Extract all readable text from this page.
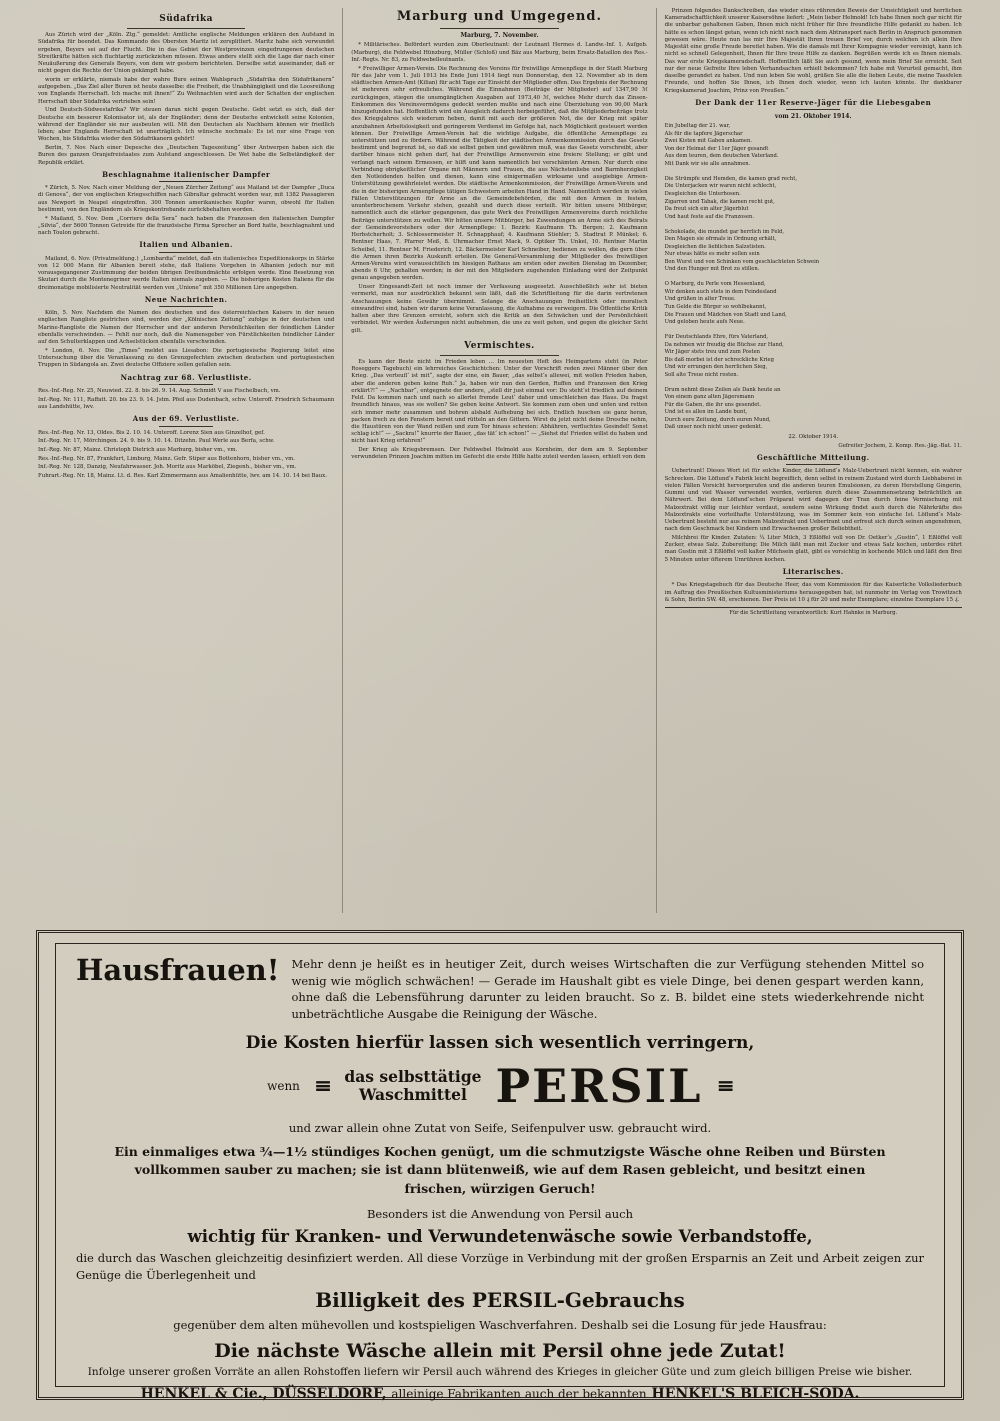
Südafrika

Aus Zürich wird der „Köln. Ztg.“ gemeldet: Amtliche englische Meldungen erklären den Aufstand in Südafrika für beendet. Das Kommando des Obersten Maritz ist zersplittert. Maritz habe sich verwundet ergeben, Beyers sei auf der Flucht. Die in das Gebiet der Westprovinzen eingedrungenen deutschen Streitkräfte hätten sich fluchtartig zurückziehen müssen. Etwas anders stellt sich die Lage dar nach einer Neuäußerung des Generals Beyers, von dem wir gestern berichteten. Derselbe setzt auseinander, daß er nicht gegen die Rechte der Union gekämpft habe.

worin er erklärte, niemals habe der wahre Bure seinen Wahlspruch „Südafrika den Südafrikanern“ aufgegeben. „Das Ziel aller Buren ist heute dasselbe: die Freiheit, die Unabhängigkeit und die Loosreißung von Englands Herrschaft. Ich mache mit ihnen!“ Zu Weihnachten wird auch der Schatten der englischen Herrschaft über Südafrika vertrieben sein!

Und Deutsch-Südwestafrika? Wir steuen daran nicht gegen Deutsche. Gebt setzt es sich, daß der Deutsche ein besserer Kolonisator ist, als der Engländer; denn der Deutsche entwickelt seine Kolonien, während der Engländer sie nur ausbeuten will. Mit den Deutschen als Nachbarn können wir friedlich leben; aber Englands Herrschaft ist unerträglich. Ich wünsche nochmals: Es ist nur eine Frage von Wochen, bis Südafrika wieder den Südafrikanern gehört!

Berlin, 7. Nov. Nach einer Depesche des „Deutschen Tageszeitung“ über Antwerpen haben sich die Buren des ganzen Oranjefreistaates zum Aufstand angeschlossen. De Wet habe die Selbständigkeit der Republik erklärt.

Beschlagnahme italienischer Dampfer

* Zürich, 5. Nov. Nach einer Meldung der „Neuen Zürcher Zeitung“ aus Mailand ist der Dampfer „Duca di Genova“, der von englischen Kriegsschiffen nach Gibraltar gebracht worden war, mit 1382 Passagieren aus Newport in Neapel eingetroffen. 300 Tonnen amerikanisches Kupfer waren, obwohl für Italien bestimmt, von den Engländern als Kriegskontrebande zurückbehalten worden.

* Mailand, 5. Nov. Dem „Corriere della Sera“ nach haben die Franzosen den italienischen Dampfer „Silvia“, der 5600 Tonnen Getreide für die französische Firma Sprecher an Bord hatte, beschlagnahmt und nach Toulon gebracht.

Italien und Albanien.

Mailand, 6. Nov. (Privatmeldung.) „Lombardia“ meldet, daß ein italienisches Expeditionskorps in Stärke von 12 000 Mann für Albanien bereit stehe, daß Italiens Vorgehen in Albanien jedoch nur mit vorausgegangener Zustimmung der beiden übrigen Dreibundmächte erfolgen werde. Eine Besetzung von Skutari durch die Montenegriner werde Italien niemals zugeben. — Die bisherigen Kosten Italiens für die dreimonatige mobilisierte Neutralität werden von „Unione“ mit 350 Millionen Lire angegeben.

Neue Nachrichten.

Köln, 5. Nov. Nachdem die Namen des deutschen und des österreichischen Kaisers in der neuen englischen Rangliste gestrichen sind, werden der „Kölnischen Zeitung“ zufolge in der deutschen und Marine-Rangliste die Namen der Herrscher und der anderen Persönlichkeiten der feindlichen Länder ebenfalls verschwinden. — Fehlt nur noch, daß die Namensgeber von Fürstlichkeiten feindlicher Länder auf den Schulterklappen und Achselstücken ebenfalls verschwinden.

* London, 6. Nov. Die „Times“ meldet aus Lissabon: Die portugiesische Regierung leitet eine Untersuchung über die Veranlassung zu den Grenzgefechten zwischen deutschen und portugiesischen Truppen in Südangola an. Zwei deutsche Offiziere sollen gefallen sein.

Nachtrag zur 68. Verlustliste.

Res.-Inf.-Reg. Nr. 25, Neuwied. 22. 8. bis 26. 9. 14. Aug. Schmidt V aus Fischelbach, vm.

Inf.-Reg. Nr. 111, Raffatt. 20. bis 23. 9. 14. Jstm. Pfeil aus Dudenbach, schw. Unteroff. Friedrich Schaumann aus Landshütte, lwv.

Aus der 69. Verlustliste.

Res.-Inf.-Reg. Nr. 13, Oldes. Bis 2. 10. 14. Unteroff. Lorenz Sien aus Ginzelhof, gef.

Inf.-Reg. Nr. 17, Mörchingen. 24. 9. bis 9. 10. 14. Ditzehn. Paul Werle aus Berfa, schw.

Inf.-Reg. Nr. 87, Mainz. Christoph Dietrich aus Marburg, bisher vm., vm.

Res.-Inf.-Reg. Nr. 87, Frankfurt, Limburg, Mainz. Gefr. Stiper aus Bottenhorn, bisher vm., vm.

Inf.-Reg. Nr. 128, Danzig, Neufahrwasser. Joh. Moritz aus Marköbel, Ziegenh., bisher vm., vm.

Fuhrart.-Reg. Nr. 18, Mainz. Lt. d. Res. Karl Zimmermann aus Amalienhütte, lwv. am 14. 10. 14 bei Baux.

Marburg und Umgegend.
Marburg, 7. November.

* Militärisches. Befördert wurden zum Oberleutnant: der Leutnant Hermes d. Landw.-Inf. 1. Aufgeb. (Marburg), die Feldwebel Hünzburg, Müller (Schloß) und Bäz aus Marburg, beim Ersatz-Bataillon des Res.-Inf.-Regts. Nr. 83, zu Feldwebelleutnants.

* Freiwilliger Armen-Verein. Die Rechnung des Vereins für freiwillige Armenpflege in der Stadt Marburg für das Jahr vom 1. Juli 1913 bis Ende Juni 1914 liegt nun Donnerstag, den 12. November ab in dem städtischen Armen-Amt (Kilian) für acht Tage zur Einsicht der Mitglieder offen. Das Ergebnis der Rechnung ist mehreren sehr erfreuliches. Während die Einnahmen (Beiträge der Mitglieder) auf 1347,90 ℳ zurückgingen, stiegen die unumgänglichen Ausgaben auf 1973,40 ℳ, welches Mehr durch das Zinsen-Einkommen des Vereinsvermögens gedeckt werden mußte und nach eine Überziehung von 90,00 Mark hinzugefunden hat. Hoffentlich wird ein Ausgleich dadurch herbeigeführt, daß die Mitgliederbeiträge trotz des Kriegsjahres sich wiederum heben, damit mit auch der größeren Not, die der Krieg mit später anzubahnen Arbeitslosigkeit und geringerem Verdienst im Gefolge hat, nach Möglichkeit gesteuert werden können. Der Freiwillige Armen-Verein hat die wichtige Aufgabe, die öffentliche Armenpflege zu unterstützen und zu fördern. Während die Tätigkeit der städtischen Armenkommission durch das Gesetz bestimmt und begrenzt ist, so daß sie selbst geben und gewähren muß, was das Gesetz vorschreibt, aber darüber hinaus nicht gehen darf, hat der Freiwillige Armenverein eine freiere Stellung; er gibt und verlangt nach seinem Ermessen, er hilft und kann namentlich bei verschämten Armen. Nur durch eine Verbindung obrigkeitlicher Organe mit Männern und Frauen, die aus Nächstenliebe und Barmherzigkeit den Notleidenden helfen und dienen, kann eine einigermaßen wirksame und ausgiebige Armen-Unterstützung gewährleistet werden. Die städtische Armenkommission, der Freiwillige Armen-Verein und die in der bisherigen Armenpflege tätigen Schwestern arbeiten Hand in Hand. Namentlich werden in vielen Fällen Unterstützungen für Arme an die Gemeindebehörden, die mit den Armen in festem, ununterbrochenem Verkehr stehen, gezahlt und durch diese verteilt. Wir bitten unsere Mitbürger, namentlich auch die stärker gegangenen, das gute Werk des Freiwilligen Armenvereins durch reichliche Beiträge unterstützen zu wollen. Wir bitten unsere Mitbürger, bei Zuwendungen an Arme sich des Beirats der Gemeindevorstehers oder der Armenpflege: 1. Bezirk: Kaufmann Th. Bergen; 2. Kaufmann Herbstcherholt; 3. Schlossermeister H. Schnapphauf; 4. Kaufmann Stiehler; 5. Stadtrat P. Münkel; 6. Rentner Haas, 7. Pfarrer Meß, 8. Uhrmacher Ernst Mack, 9. Optiker Th. Unkel, 10. Rentner Martin Scheibel, 11. Rentner M. Friederich, 12. Bäckermeister Karl Schneiber, bedienen zu wollen, die gern über die Armen ihren Bezirks Auskunft erteilen. Die General-Versammlung der Mitglieder des freiwilligen Armen-Vereins wird voraussichtlich im hiesigen Rathaus am ersten oder zweiten Dienstag im Dezember, abends 6 Uhr, gehalten werden; in der mit den Mitgliedern zugehenden Einladung wird der Zeitpunkt genau angegeben werden.

Unser Eingesandt-Zeit ist noch immer der Verfassung ausgesetzt. Ausschließlich sehr ist bieten vermerkt, man nur ausdrücklich bekannt sein läßt, daß die Schriftleitung für die darin vertretenen Anschauungen keine Gewähr übernimmt. Solange die Anschauungen freiheitlich oder moralisch einwandfrei sind, haben wir darum keine Veranlassung, die Aufnahme zu verweigern. Die Öffentliche Kritik halten aber ihre Grenzen erreicht, sofern sich die Kritik an den Schwächen und der Persönlichkeit verbindet. Wir werden Äußerungen nicht aufnehmen, die uns zu weit gehen, und gegen die gleicher Sicht gilt.

Vermischtes.

Es kann der Beste nicht im Frieden leben ... Im neuesten Heft des Heimgartens steht (in Peter Roseggers Tagebuch) ein lehrreiches Geschichtchen: Unter der Vorschrift reden zwei Männer über den Krieg. „Das verteufl‘ ist mit“, sagte der eine, ein Bauer, „das selbst‘s allewei, mit wollen Frieden haben, aber die anderen geben keine Ruh.“ Ja, haben wir nun den Gerden, Ruffen und Franzosen den Krieg erklärt?!“ — „Nachbar“, entgegnete der andere, „stell dir just einmal vor: Du steht‘st friedlich auf deinem Feld. Da kommen nach und nach so allerlei fremde Leut‘ daher und umschleichen das Haus. Du fragst freundlich hinaus, was sie wollen? Sie geben keine Antwort. Sie kommen zum oben und unten und retten sich immer mehr zusammen und bohren alsbald Aufhebung bei sich. Endlich huschen sie ganz heran, packen frech zu den Fenstern bereit und rütteln an den Gittern. Wirst du jetzt nicht deine Dresche nehm, die Haustüren von der Wand reißen und zum Tor hinaus schreien: Abhähren, verfluchtes Gesindel! Sonst schlag ich!“ — „Sackra!“ knurrte der Bauer, „das tät‘ ich schon!“ — „Siehst du! Frieden willst du haben und nicht hast Krieg erfahren!“

Der Krieg als Kriegsbremsen. Der Feldwebel Helmold aus Kornheim, der dem am 9. September verwundeten Prinzen Joachim mitten im Gefecht die erste Hilfe hatte zuteil werden lassen, erhielt von dem

Prinzen folgendes Dankschreiben, das wieder eines rührenden Beweis der Umsichtigkeit und herrlichen Kameradschaftlichkeit unserer Kaisersöhne liefert: „Mein lieber Helmold! Ich habe Ihnen noch gar nicht für die unbarbar gehaltenen Gaben, Ihnen mich nicht früher für Ihre freundliche Hilfe gedankt zu haben. Ich hätte es schon längst getan, wenn ich nicht noch nach dem Abtransport nach Berlin in Anspruch genommen gewesen wäre. Heute nun las mir Ihre Majestät Ihren treuen Brief vor, durch welchen ich allein Ihre Majestät eine große Freude bereitet haben. Wie die damals mit Ihrer Kompagnie wieder vereinigt, kann ich nicht so schnell Gelegenheit, Ihnen für Ihre treue Hilfe zu danken. Begrüßen werde ich es Ihnen niemals. Das war erste Kriegskameradschaft. Hoffentlich läßt Sie auch gesund, wenn mein Brief Sie erreicht. Seit nur der neue Gefreite Ihre leben Verhandsachen erhielt bekommen? Ich habe mit Vorurteil gemacht, ihm daselbe gerandet zu haben. Und nun leben Sie wohl, grüßen Sie alle die lieben Leute, die meine Tassfelen Freunde, und hoffen Sie Ihnen, ich Ihnen doch wieder, wenn ich lauten könnte. Ihr dankbarer Kriegskamerad Joachim, Prinz von Preußen.“

Der Dank der 11er Reserve-Jäger für die Liebesgaben
vom 21. Oktober 1914.

Ein Jubeltag der 21. war,

Als für die tapfere Jägerschar

Zwei Kisten mit Gaben ankamen.

Von der Heimat der 11er Jäger gesandt

Aus dem teuren, dem deutschen Vaterland.

Mit Dank wir sie alle annahmen.

Die Strümpfe und Hemden, die kamen grad recht,

Die Unterjacken wir waren nicht schlecht,

Desgleichen die Unterhosen.

Zigarren und Tabak, die kamen recht gut,

Da freut sich ein alter Jägerblut

Und haut feste auf die Franzosen.

Schokolade, die mundet gar herrlich im Feld,

Den Magen sie ofrmals in Ordnung erhält,

Desgleichen die lieblichen Salzstisten.

Nur etwas hätte es mehr sollen sein

Bon Wurst und von Schinken vom geschlachteten Schwein

Und den Hunger mit Brot zu stillen.

O Marburg, du Perle vom Hessenland,

Wir denken auch stets in dem Feindesland

Und grüßen in alter Treue.

Tun Gelde die Bürger so wohlbekannt,

Die Frauen und Mädchen von Stadt und Land,

Und geloben heute aufs Neue.

Für Deutschlands Ehre, fürs Vaterland,

Da nehmen wir freudig die Büchse zur Hand,

Wir Jäger stets treu und zum Posten

Bis daß morbei ist der schreckliche Krieg

Und wir errungen den herrlichen Sieg,

Soll alte Treue nicht rosten.

Drum nehmt diese Zeilen als Dank heute an

Von einem ganz alten Jägersmann

Für die Gaben, die ihr uns gesendet.

Und ist es allen im Lande bunt,

Durch eure Zeitung, durch euren Mund,

Daß unser noch nicht unser gedenkt.

22. Oktober 1914.

Gefreiter Jochem, 2. Komp. Res.-Jäg.-Bat. 11.

Geschäftliche Mitteilung.

Uebertrant! Dieses Wort ist für solche Kinder, die Löflund‘s Malz-Uebertrant nicht kennen, ein wahrer Schrecken. Die Löflund‘s Fabrik leicht begreiflich, denn selbst in reinem Zustand wird durch Liebhaberei in vielen Fällen Vorsicht hervorgerufen und die anderen teuren Emulsionen, zu deren Herstellung Gingerin, Gummi und viel Wasser verwendet werden, verlieren durch diese Zusammensetzung beträchtlich an Nährwert. Bei dem Löflund‘schen Präparat wird dagegen der Tran durch feine Vermischung mit Malzextrakt völlig nur leichter verdaut, sondern seine Wirkung findet auch durch die Nährkräfte des Malzextrakts eine vorteilhafte Unterstützung, was im Sommer kein von einfache Ist. Löflund‘s Malz-Uebertrant besteht nur aus reinem Malzextrakt und Uebertrant und erfreut sich durch seinen angenehmen, nach dem Geschmack bei Kindern und Erwachsenen großer Beliebtheit.

Milchbrei für Kinder. Zutaten: ¼ Liter Milch, 3 Eßlöffel voll von Dr. Oetker‘s „Gustin“, 1 Eßlöffel voll Zucker, etwas Salz. Zubereitung: Die Milch läßt man mit Zucker und etwas Salz kochen, unterdes rührt man Gustin mit 3 Eßlöffel voll kalter Milchsein glatt, gibt es vorsichtig in kochende Milch und läßt den Brei 5 Minuten unter öfterem Umrühren kochen.

Literarisches.

* Das Kriegstagebuch für das Deutsche Heer, das vom Kommission für das Kaiserliche Volksliederbuch im Auftrag des Preußischen Kultusministeriums herausgegeben hat, ist nunmehr im Verlag von Trowitzsch & Sohn, Berlin SW. 48, erschienen. Der Preis ist 10 ₰ für 20 und mehr Exemplare; einzelne Exemplare 15 ₰.

Für die Schriftleitung verantwortlich: Kurt Hahnke in Marburg.
Hausfrauen! Mehr denn je heißt es in heutiger Zeit, durch weises Wirtschaften die zur Verfügung stehenden Mittel so wenig wie möglich schwächen! — Gerade im Haushalt gibt es viele Dinge, bei denen gespart werden kann, ohne daß die Lebensführung darunter zu leiden braucht. So z. B. bildet eine stets wiederkehrende nicht unbeträchtliche Ausgabe die Reinigung der Wäsche.
Die Kosten hierfür lassen sich wesentlich verringern,
wenn ≡ das selbsttätige
Waschmittel PERSIL ≡
und zwar allein ohne Zutat von Seife, Seifenpulver usw. gebraucht wird.
Ein einmaliges etwa ¾—1½ stündiges Kochen genügt, um die schmutzigste Wäsche ohne Reiben und Bürsten vollkommen sauber zu machen; sie ist dann blütenweiß, wie auf dem Rasen gebleicht, und besitzt einen frischen, würzigen Geruch!
Besonders ist die Anwendung von Persil auch
wichtig für Kranken- und Verwundetenwäsche sowie Verbandstoffe,
die durch das Waschen gleichzeitig desinfiziert werden. All diese Vorzüge in Verbindung mit der großen Ersparnis an Zeit und Arbeit zeigen zur Genüge die Überlegenheit und
Billigkeit des PERSIL-Gebrauchs
gegenüber dem alten mühevollen und kostspieligen Waschverfahren. Deshalb sei die Losung für jede Hausfrau:
Die nächste Wäsche allein mit Persil ohne jede Zutat!
Infolge unserer großen Vorräte an allen Rohstoffen liefern wir Persil auch während des Krieges in gleicher Güte und zum gleich billigen Preise wie bisher.
HENKEL & Cie., DÜSSELDORF, alleinige Fabrikanten auch der bekannten HENKEL'S BLEICH-SODA.
